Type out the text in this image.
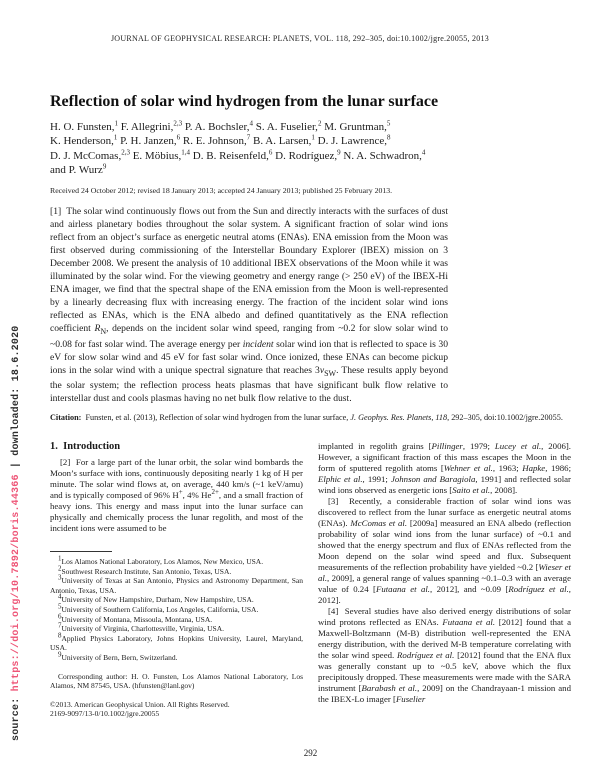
source: https://doi.org/10.7892/boris.44366 | downloaded: 18.6.2020
JOURNAL OF GEOPHYSICAL RESEARCH: PLANETS, VOL. 118, 292–305, doi:10.1002/jgre.20055, 2013
Reflection of solar wind hydrogen from the lunar surface
H. O. Funsten,$^1$ F. Allegrini,$^{2,3}$ P. A. Bochsler,$^4$ S. A. Fuselier,$^2$ M. Gruntman,$^5$
K. Henderson,$^1$ P. H. Janzen,$^6$ R. E. Johnson,$^7$ B. A. Larsen,$^1$ D. J. Lawrence,$^8$
D. J. McComas,$^{2,3}$ E. Möbius,$^{1,4}$ D. B. Reisenfeld,$^6$ D. Rodríguez,$^9$ N. A. Schwadron,$^4$
and P. Wurz$^9$

Received 24 October 2012; revised 18 January 2013; accepted 24 January 2013; published 25 February 2013.

[1]  The solar wind continuously flows out from the Sun and directly interacts with the surfaces of dust and airless planetary bodies throughout the solar system. A significant fraction of solar wind ions reflect from an object’s surface as energetic neutral atoms (ENAs). ENA emission from the Moon was first observed during commissioning of the Interstellar Boundary Explorer (IBEX) mission on 3 December 2008. We present the analysis of 10 additional IBEX observations of the Moon while it was illuminated by the solar wind. For the viewing geometry and energy range (> 250 eV) of the IBEX-Hi ENA imager, we find that the spectral shape of the ENA emission from the Moon is well-represented by a linearly decreasing flux with increasing energy. The fraction of the incident solar wind ions reflected as ENAs, which is the ENA albedo and defined quantitatively as the ENA reflection coefficient $R_N$, depends on the incident solar wind speed, ranging from ~0.2 for slow solar wind to ~0.08 for fast solar wind. The average energy per incident solar wind ion that is reflected to space is 30 eV for slow solar wind and 45 eV for fast solar wind. Once ionized, these ENAs can become pickup ions in the solar wind with a unique spectral signature that reaches $3v_{SW}$. These results apply beyond the solar system; the reflection process heats plasmas that have significant bulk flow relative to interstellar dust and cools plasmas having no net bulk flow relative to the dust.

Citation:  Funsten, et al. (2013), Reflection of solar wind hydrogen from the lunar surface, J. Geophys. Res. Planets, 118, 292–305, doi:10.1002/jgre.20055.

1. Introduction

[2]  For a large part of the lunar orbit, the solar wind bombards the Moon’s surface with ions, continuously depositing nearly 1 kg of H per minute. The solar wind flows at, on average, 440 km/s (~1 keV/amu) and is typically composed of 96% H+, 4% $He^{2+}$, and a small fraction of heavy ions. This energy and mass input into the lunar surface can physically and chemically process the lunar regolith, and most of the incident ions were assumed to be

$^1$Los Alamos National Laboratory, Los Alamos, New Mexico, USA.

$^2$Southwest Research Institute, San Antonio, Texas, USA.

$^3$University of Texas at San Antonio, Physics and Astronomy Department, San Antonio, Texas, USA.

$^4$University of New Hampshire, Durham, New Hampshire, USA.

$^5$University of Southern California, Los Angeles, California, USA.

$^6$University of Montana, Missoula, Montana, USA.

$^7$University of Virginia, Charlottesville, Virginia, USA.

$^8$Applied Physics Laboratory, Johns Hopkins University, Laurel, Maryland, USA.

$^9$University of Bern, Bern, Switzerland.

Corresponding author: H. O. Funsten, Los Alamos National Laboratory, Los Alamos, NM 87545, USA. (hfunsten@lanl.gov)

©2013. American Geophysical Union. All Rights Reserved.

2169-9097/13-0/10.1002/jgre.20055

implanted in regolith grains [Pillinger, 1979; Lucey et al., 2006]. However, a significant fraction of this mass escapes the Moon in the form of sputtered regolith atoms [Wehner et al., 1963; Hapke, 1986; Elphic et al., 1991; Johnson and Baragiola, 1991] and reflected solar wind ions observed as energetic ions [Saito et al., 2008].

[3]  Recently, a considerable fraction of solar wind ions was discovered to reflect from the lunar surface as energetic neutral atoms (ENAs). McComas et al. [2009a] measured an ENA albedo (reflection probability of solar wind ions from the lunar surface) of ~0.1 and showed that the energy spectrum and flux of ENAs reflected from the Moon depend on the solar wind speed and flux. Subsequent measurements of the reflection probability have yielded ~0.2 [Wieser et al., 2009], a general range of values spanning ~0.1–0.3 with an average value of 0.24 [Futaana et al., 2012], and ~0.09 [Rodríguez et al., 2012].

[4]  Several studies have also derived energy distributions of solar wind protons reflected as ENAs. Futaana et al. [2012] found that a Maxwell-Boltzmann (M-B) distribution well-represented the ENA energy distribution, with the derived M-B temperature correlating with the solar wind speed. Rodríguez et al. [2012] found that the ENA flux was generally constant up to ~0.5 keV, above which the flux precipitously dropped. These measurements were made with the SARA instrument [Barabash et al., 2009] on the Chandrayaan-1 mission and the IBEX-Lo imager [Fuselier

292
